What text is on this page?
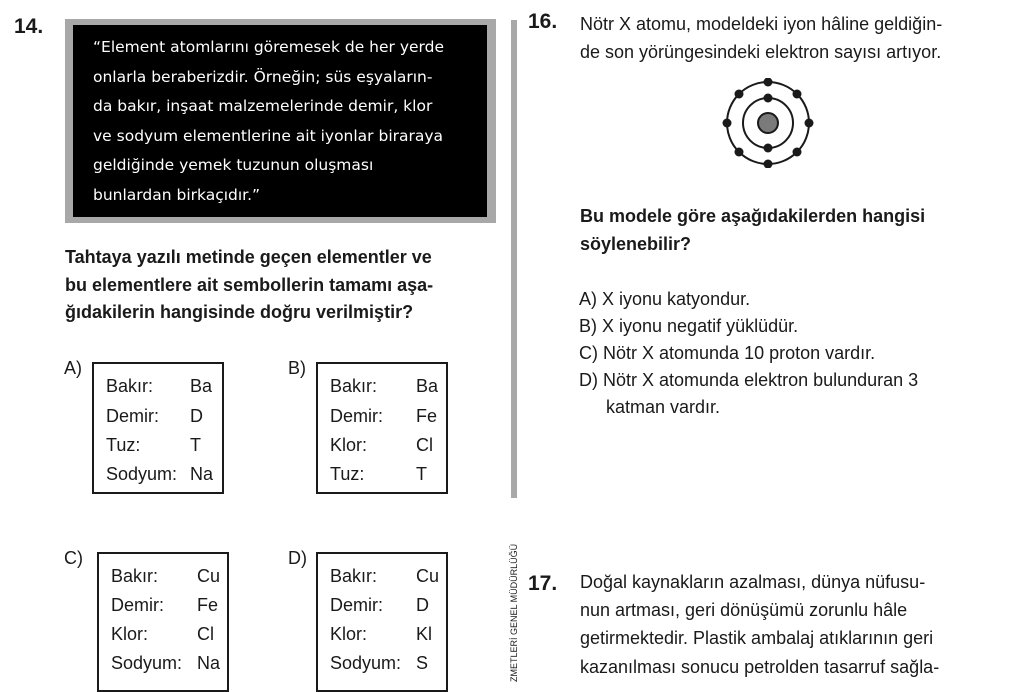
14.
“Element atomlarını göremesek de her yerde
onlarla beraberizdir. Örneğin; süs eşyaların-
da bakır, inşaat malzemelerinde demir, klor
ve sodyum elementlerine ait iyonlar biraraya
geldiğinde yemek tuzunun oluşması
bunlardan birkaçıdır.”
Tahtaya yazılı metinde geçen elementler ve
bu elementlere ait sembollerin tamamı aşa-
ğıdakilerin hangisinde doğru verilmiştir?
A)
Bakır: Ba
Demir: D
Tuz:	T
Sodyum: Na
B)
Bakır: Ba
Demir: Fe
Klor:	Cl
Tuz:	T
C)
Bakır: Cu
Demir: Fe
Klor:	Cl
Sodyum: Na
D)
Bakır: Cu
Demir: D
Klor:	Kl
Sodyum: S	ZMETLERİ GENEL MÜDÜRLÜĞÜ
16. Nötr X atomu, modeldeki iyon hâline geldiğin-
de son yörüngesindeki elektron sayısı artıyor.
Bu modele göre aşağıdakilerden hangisi
söylenebilir?
A) X iyonu katyondur.
B) X iyonu negatif yüklüdür.
C) Nötr X atomunda 10 proton vardır.
D) Nötr X atomunda elektron bulunduran 3
katman vardır.
17. Doğal kaynakların azalması, dünya nüfusu-
nun artması, geri dönüşümü zorunlu hâle
getirmektedir. Plastik ambalaj atıklarının geri
kazanılması sonucu petrolden tasarruf sağla-
